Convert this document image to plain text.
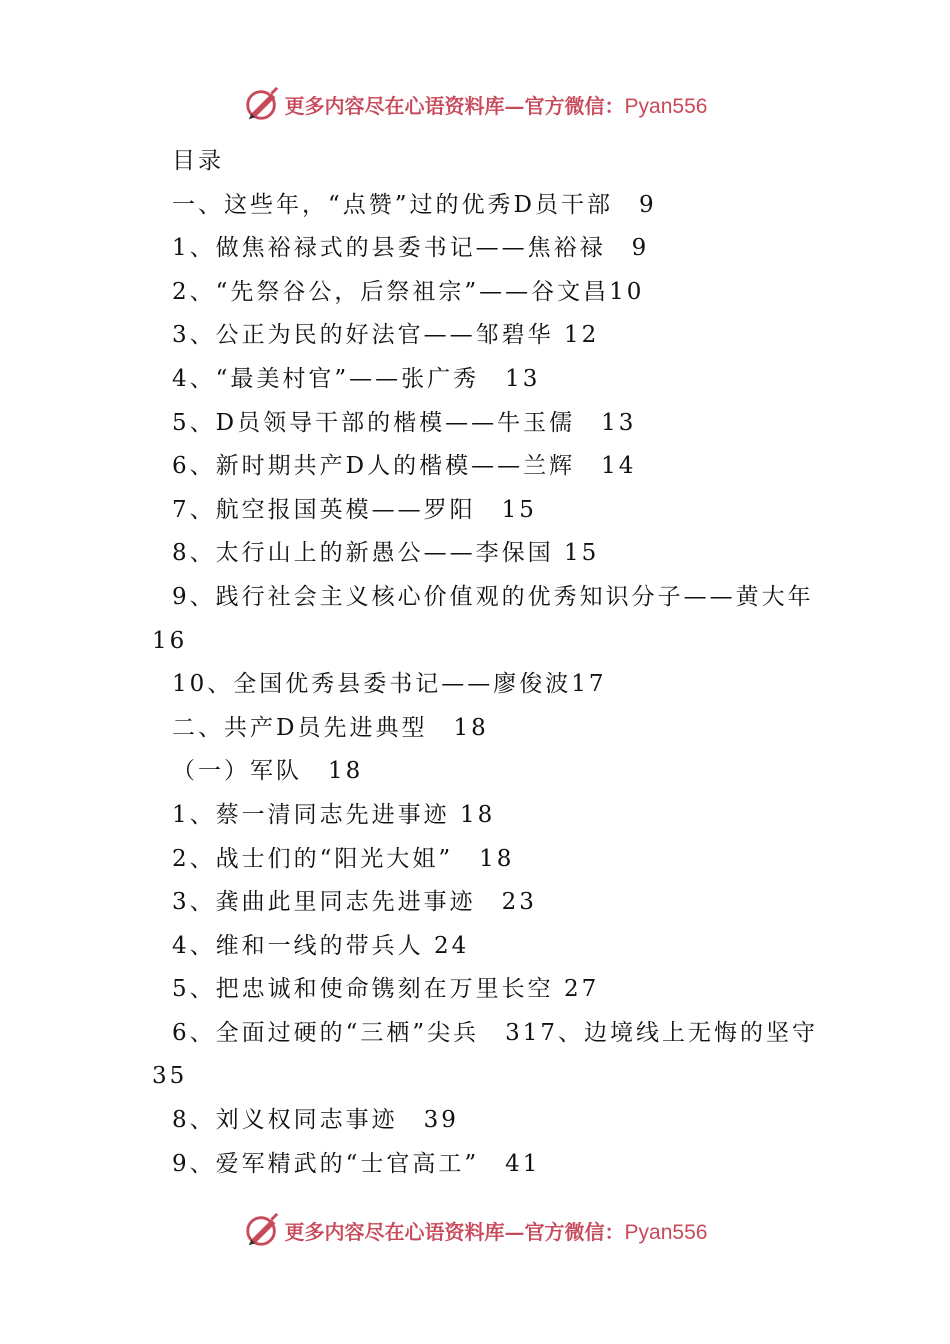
更多内容尽在心语资料库—官方微信： Pyan556
目录
一、这些年，“点赞”过的优秀D员干部　9
1、做焦裕禄式的县委书记——焦裕禄　9
2、“先祭谷公，后祭祖宗”——谷文昌10
3、公正为民的好法官——邹碧华 12
4、“最美村官”——张广秀　13
5、D员领导干部的楷模——牛玉儒　13
6、新时期共产D人的楷模——兰辉　14
7、航空报国英模——罗阳　15
8、太行山上的新愚公——李保国 15
9、践行社会主义核心价值观的优秀知识分子——黄大年16
10、全国优秀县委书记——廖俊波17
二、共产D员先进典型　18
（一）军队　18
1、蔡一清同志先进事迹 18
2、战士们的“阳光大姐”　18
3、龚曲此里同志先进事迹　23
4、维和一线的带兵人 24
5、把忠诚和使命镌刻在万里长空 27
6、全面过硬的“三栖”尖兵　317、边境线上无悔的坚守35
8、刘义权同志事迹　39
9、爱军精武的“士官高工”　41
更多内容尽在心语资料库—官方微信： Pyan556
